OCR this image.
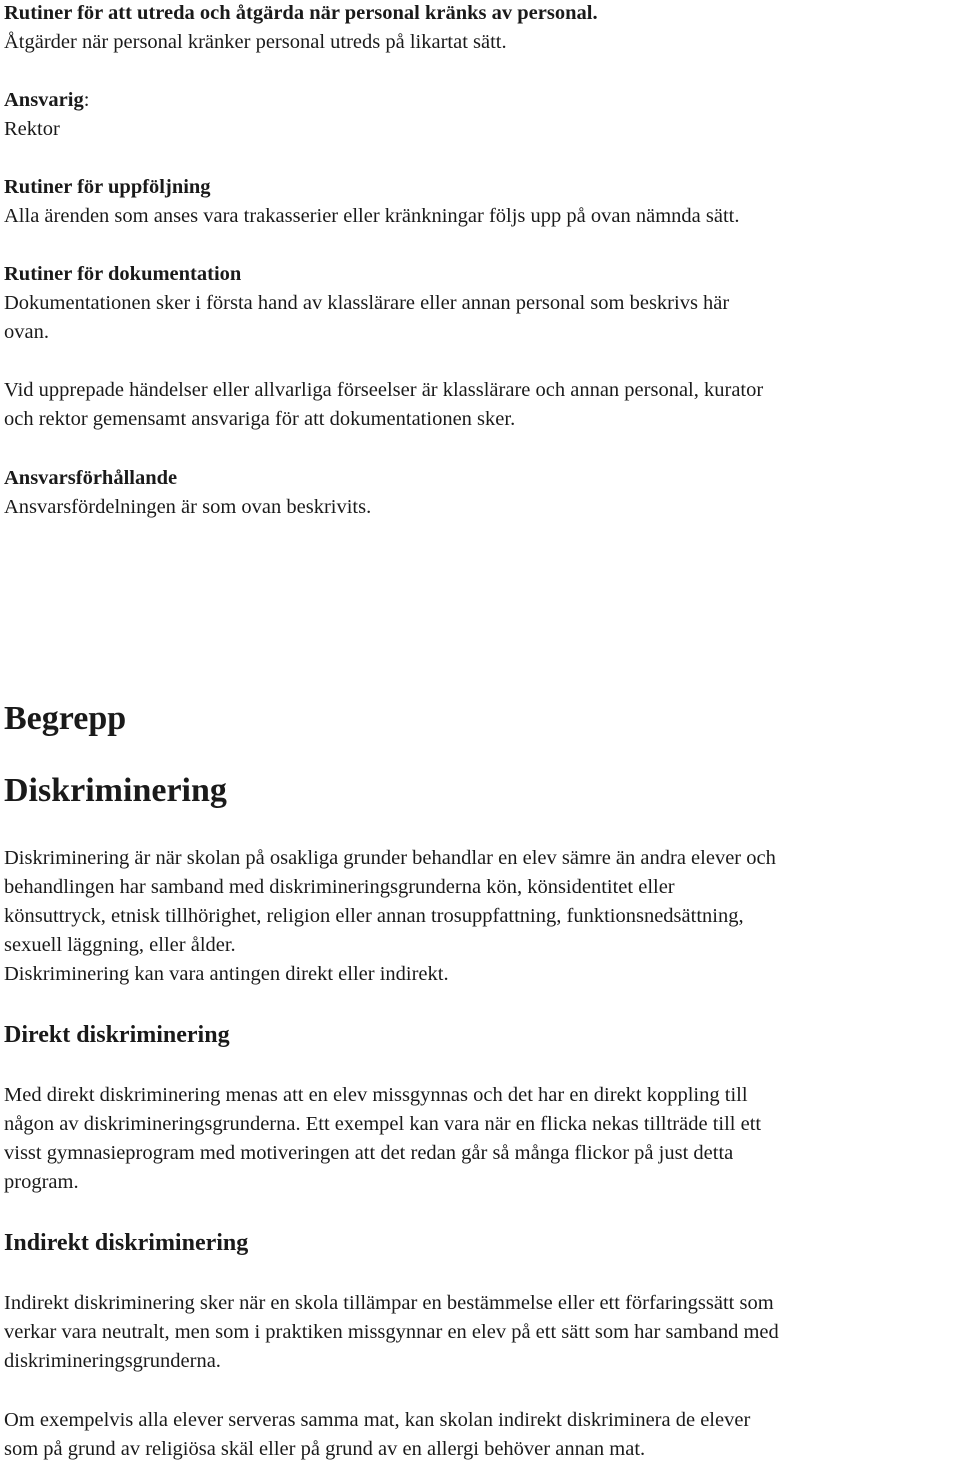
Rutiner för att utreda och åtgärda när personal kränks av personal.
Åtgärder när personal kränker personal utreds på likartat sätt.
Ansvarig:
Rektor
Rutiner för uppföljning
Alla ärenden som anses vara trakasserier eller kränkningar följs upp på ovan nämnda sätt.
Rutiner för dokumentation
Dokumentationen sker i första hand av klasslärare eller annan personal som beskrivs här
ovan.
Vid upprepade händelser eller allvarliga förseelser är klasslärare och annan personal, kurator
och rektor gemensamt ansvariga för att dokumentationen sker.
Ansvarsförhållande
Ansvarsfördelningen är som ovan beskrivits.
Begrepp
Diskriminering
Diskriminering är när skolan på osakliga grunder behandlar en elev sämre än andra elever och
behandlingen har samband med diskrimineringsgrunderna kön, könsidentitet eller
könsuttryck, etnisk tillhörighet, religion eller annan trosuppfattning, funktionsnedsättning,
sexuell läggning, eller ålder.
Diskriminering kan vara antingen direkt eller indirekt.
Direkt diskriminering
Med direkt diskriminering menas att en elev missgynnas och det har en direkt koppling till
någon av diskrimineringsgrunderna. Ett exempel kan vara när en flicka nekas tillträde till ett
visst gymnasieprogram med motiveringen att det redan går så många flickor på just detta
program.
Indirekt diskriminering
Indirekt diskriminering sker när en skola tillämpar en bestämmelse eller ett förfaringssätt som
verkar vara neutralt, men som i praktiken missgynnar en elev på ett sätt som har samband med
diskrimineringsgrunderna.
Om exempelvis alla elever serveras samma mat, kan skolan indirekt diskriminera de elever
som på grund av religiösa skäl eller på grund av en allergi behöver annan mat.
